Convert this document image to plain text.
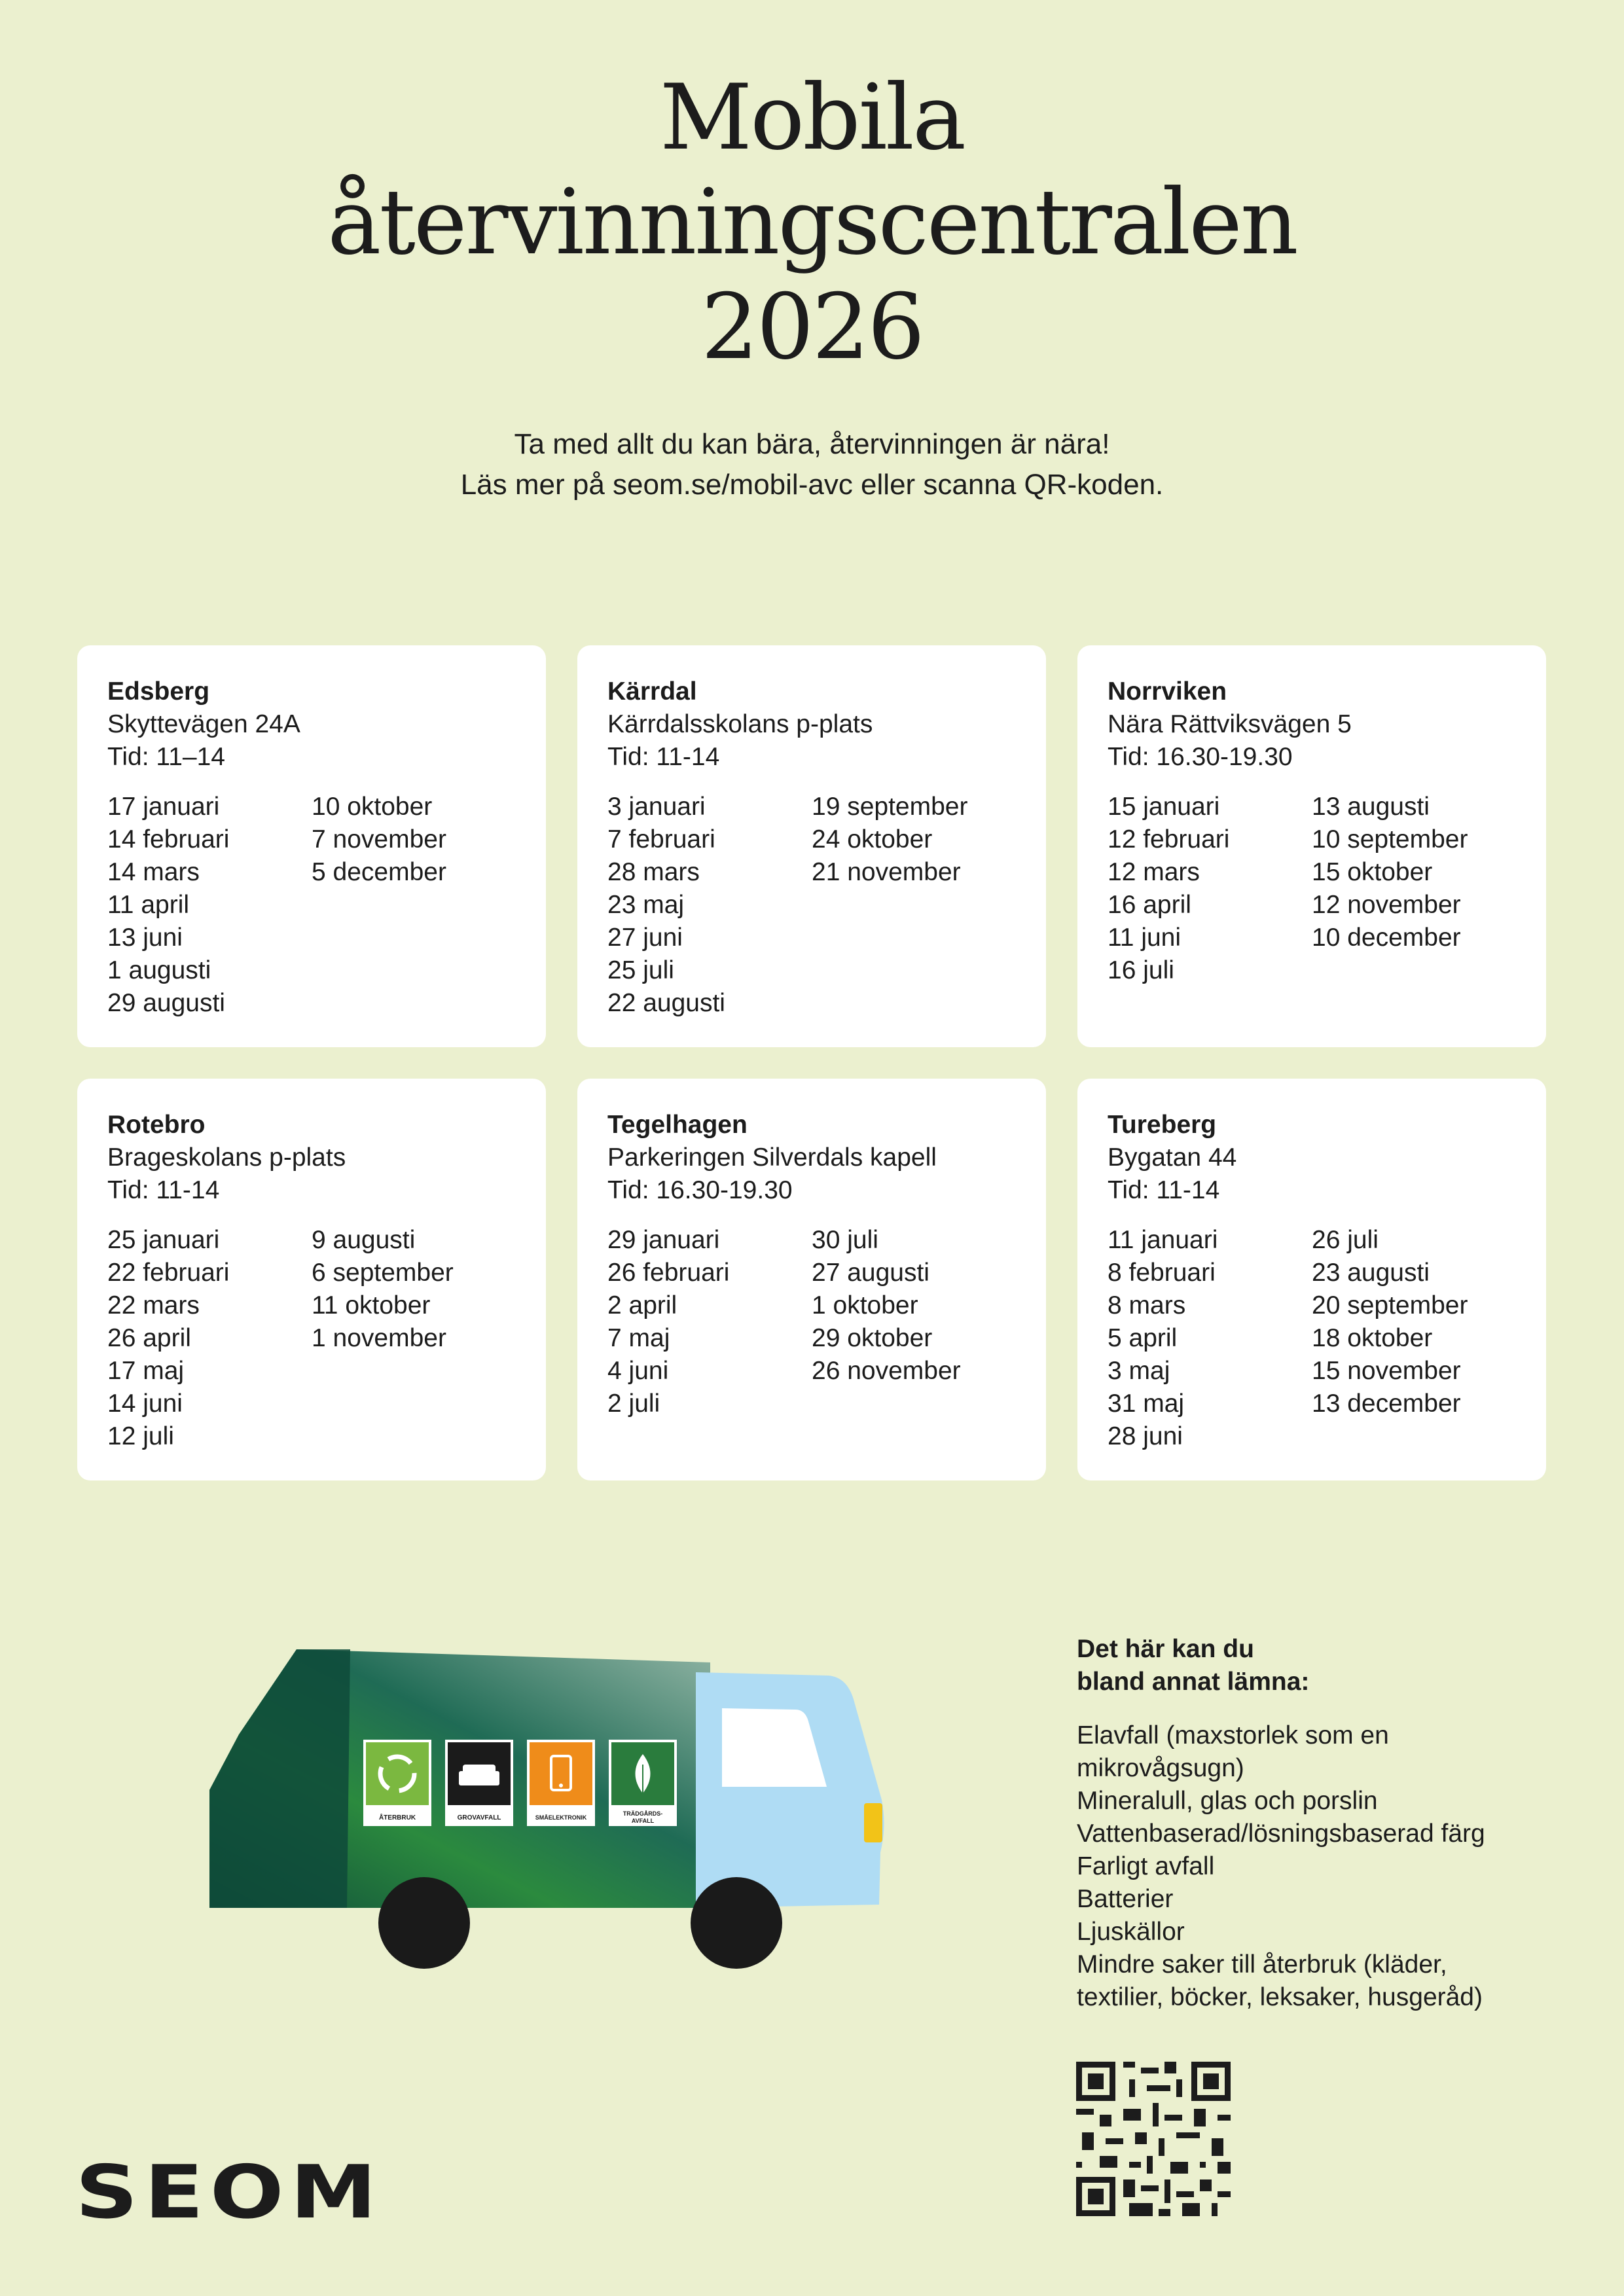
Mobila
återvinningscentralen
2026
Ta med allt du kan bära, återvinningen är nära!
Läs mer på seom.se/mobil-avc eller scanna QR-koden.
Edsberg
Skyttevägen 24A
Tid: 11–14
17 januari
14 februari
14 mars
11 april
13 juni
1 augusti
29 augusti
10 oktober
7 november
5 december
Kärrdal
Kärrdalsskolans p-plats
Tid: 11-14
3 januari
7 februari
28 mars
23 maj
27 juni
25 juli
22 augusti
19 september
24 oktober
21 november
Norrviken
Nära Rättviksvägen 5
Tid: 16.30-19.30
15 januari
12 februari
12 mars
16 april
11 juni
16 juli
13 augusti
10 september
15 oktober
12 november
10 december
Rotebro
Brageskolans p-plats
Tid: 11-14
25 januari
22 februari
22 mars
26 april
17 maj
14 juni
12 juli
9 augusti
6 september
11 oktober
1 november
Tegelhagen
Parkeringen Silverdals kapell
Tid: 16.30-19.30
29 januari
26 februari
2 april
7 maj
4 juni
2 juli
30 juli
27 augusti
1 oktober
29 oktober
26 november
Tureberg
Bygatan 44
Tid: 11-14
11 januari
8 februari
8 mars
5 april
3 maj
31 maj
28 juni
26 juli
23 augusti
20 september
18 oktober
15 november
13 december
ÅTERBRUK	GROVAVFALL	SMÅELEKTRONIK
TRÄDGÅRDS-
AVFALL
Det här kan du
bland annat lämna:
Elavfall (maxstorlek som en
mikrovågsugn)
Mineralull, glas och porslin
Vattenbaserad/lösningsbaserad färg
Farligt avfall
Batterier
Ljuskällor
Mindre saker till återbruk (kläder,
textilier, böcker, leksaker, husgeråd)
SEOM
